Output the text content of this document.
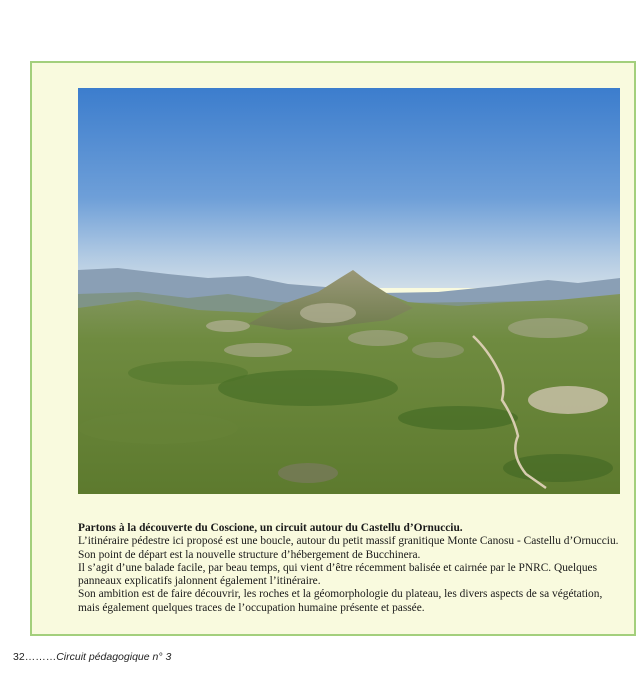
Partons à la découverte du Coscione, un circuit autour du Castellu d’Ornucciu.

L’itinéraire pédestre ici proposé est une boucle, autour du petit massif granitique Monte Canosu - Castellu d’Ornucciu. Son point de départ est la nouvelle structure d’hébergement de Bucchinera.

Il s’agit d’une balade facile, par beau temps, qui vient d’être récemment balisée et cairnée par le PNRC. Quelques panneaux explicatifs jalonnent également l’itinéraire.

Son ambition est de faire découvrir, les roches et la géomorphologie du plateau, les divers aspects de sa végétation, mais également quelques traces de l’occupation humaine présente et passée.

32………Circuit pédagogique n° 3
